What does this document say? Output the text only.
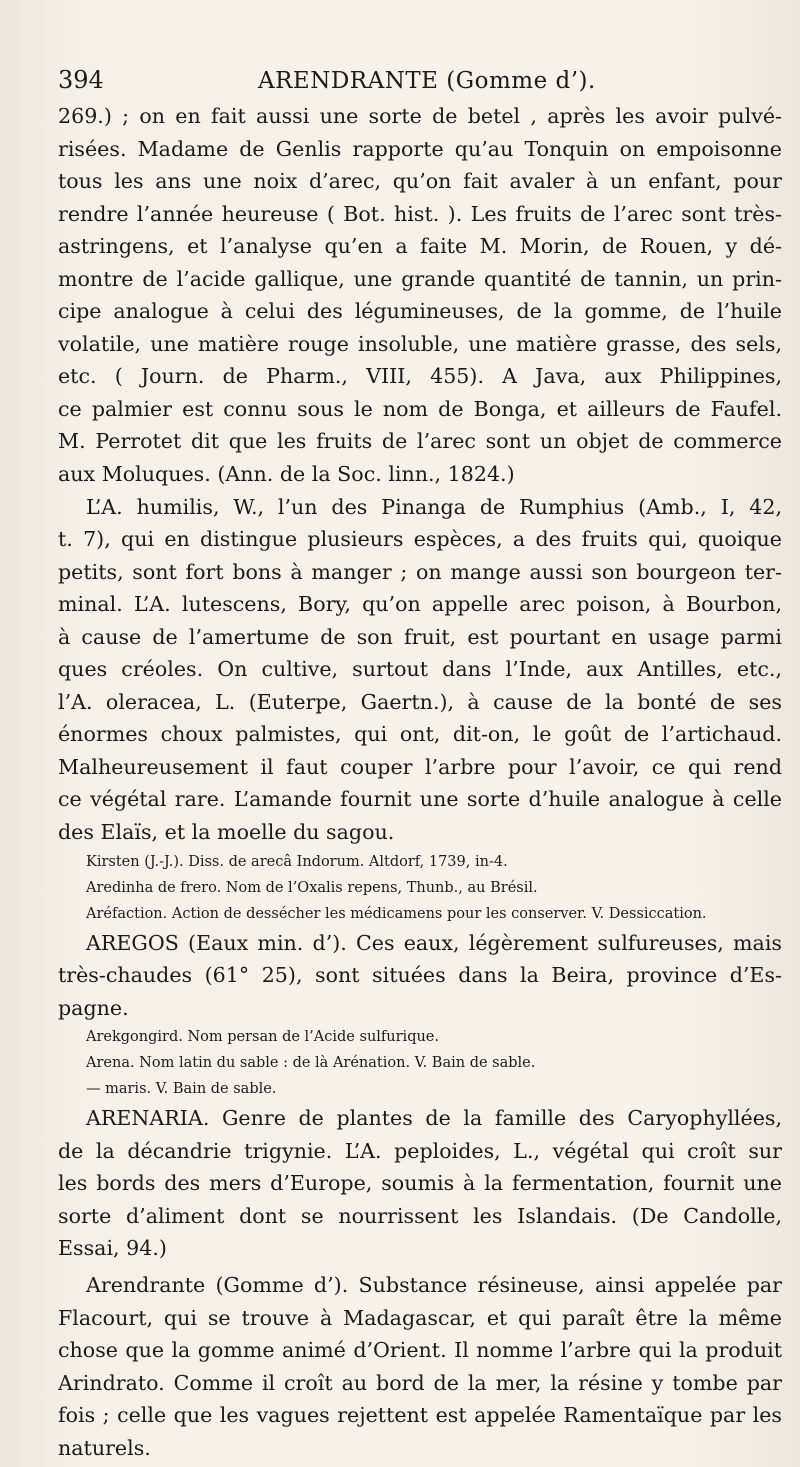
394	ARENDRANTE (Gomme d’).
269.) ; on en fait aussi une sorte de betel , après les avoir pulvé-
risées. Madame de Genlis rapporte qu’au Tonquin on empoisonne
tous les ans une noix d’arec, qu’on fait avaler à un enfant, pour
rendre l’année heureuse ( Bot. hist. ). Les fruits de l’arec sont très-
astringens, et l’analyse qu’en a faite M. Morin, de Rouen, y dé-
montre de l’acide gallique, une grande quantité de tannin, un prin-
cipe analogue à celui des légumineuses, de la gomme, de l’huile
volatile, une matière rouge insoluble, une matière grasse, des sels,
etc. ( Journ. de Pharm., VIII, 455). A Java, aux Philippines,
ce palmier est connu sous le nom de Bonga, et ailleurs de Faufel.
M. Perrotet dit que les fruits de l’arec sont un objet de commerce
aux Moluques. (Ann. de la Soc. linn., 1824.)
L’A. humilis, W., l’un des Pinanga de Rumphius (Amb., I, 42,
t. 7), qui en distingue plusieurs espèces, a des fruits qui, quoique
petits, sont fort bons à manger ; on mange aussi son bourgeon ter-
minal. L’A. lutescens, Bory, qu’on appelle arec poison, à Bourbon,
à cause de l’amertume de son fruit, est pourtant en usage parmi
ques créoles. On cultive, surtout dans l’Inde, aux Antilles, etc.,
l’A. oleracea, L. (Euterpe, Gaertn.), à cause de la bonté de ses
énormes choux palmistes, qui ont, dit-on, le goût de l’artichaud.
Malheureusement il faut couper l’arbre pour l’avoir, ce qui rend
ce végétal rare. L’amande fournit une sorte d’huile analogue à celle
des Elaïs, et la moelle du sagou.
Kirsten (J.-J.). Diss. de arecâ Indorum. Altdorf, 1739, in-4.
Aredinha de frero. Nom de l’Oxalis repens, Thunb., au Brésil.
Aréfaction. Action de dessécher les médicamens pour les conserver. V. Dessiccation.
AREGOS (Eaux min. d’). Ces eaux, légèrement sulfureuses, mais
très-chaudes (61° 25), sont situées dans la Beira, province d’Es-
pagne.
Arekgongird. Nom persan de l’Acide sulfurique.
Arena. Nom latin du sable : de là Arénation. V. Bain de sable.
— maris. V. Bain de sable.
ARENARIA. Genre de plantes de la famille des Caryophyllées,
de la décandrie trigynie. L’A. peploides, L., végétal qui croît sur
les bords des mers d’Europe, soumis à la fermentation, fournit une
sorte d’aliment dont se nourrissent les Islandais. (De Candolle,
Essai, 94.)
Arendrante (Gomme d’). Substance résineuse, ainsi appelée par
Flacourt, qui se trouve à Madagascar, et qui paraît être la même
chose que la gomme animé d’Orient. Il nomme l’arbre qui la produit
Arindrato. Comme il croît au bord de la mer, la résine y tombe par
fois ; celle que les vagues rejettent est appelée Ramentaïque par les
naturels.
